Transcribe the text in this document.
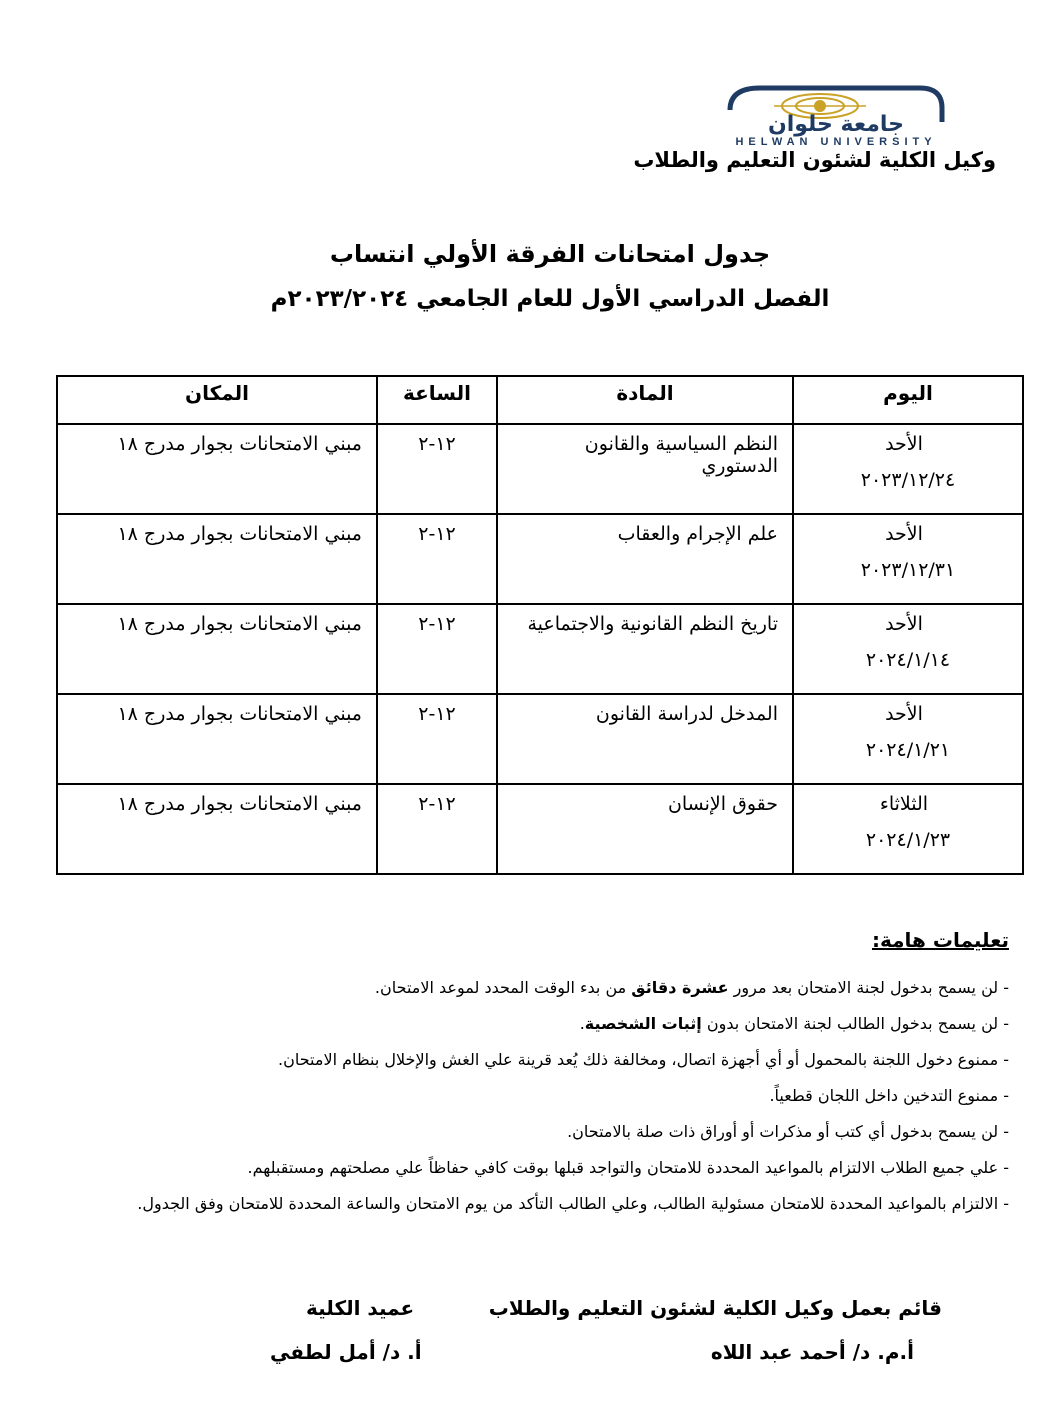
جامعة حلوان
HELWAN UNIVERSITY
وكيل الكلية لشئون التعليم والطلاب
جدول امتحانات الفرقة الأولي انتساب
الفصل الدراسي الأول للعام الجامعي ٢٠٢٣/٢٠٢٤م
اليوم	المادة	الساعة	المكان

الأحد
٢٠٢٣/١٢/٢٤	النظم السياسية والقانون الدستوري	١٢-٢	مبني الامتحانات بجوار مدرج ١٨

الأحد
٢٠٢٣/١٢/٣١	علم الإجرام والعقاب	١٢-٢	مبني الامتحانات بجوار مدرج ١٨

الأحد
٢٠٢٤/١/١٤	تاريخ النظم القانونية والاجتماعية	١٢-٢	مبني الامتحانات بجوار مدرج ١٨

الأحد
٢٠٢٤/١/٢١	المدخل لدراسة القانون	١٢-٢	مبني الامتحانات بجوار مدرج ١٨

الثلاثاء
٢٠٢٤/١/٢٣	حقوق الإنسان	١٢-٢	مبني الامتحانات بجوار مدرج ١٨
تعليمات هامة:
- لن يسمح بدخول لجنة الامتحان بعد مرور عشرة دقائق من بدء الوقت المحدد لموعد الامتحان.
- لن يسمح بدخول الطالب لجنة الامتحان بدون إثبات الشخصية.
- ممنوع دخول اللجنة بالمحمول أو أي أجهزة اتصال، ومخالفة ذلك يُعد قرينة علي الغش والإخلال بنظام الامتحان.
- ممنوع التدخين داخل اللجان قطعياً.
- لن يسمح بدخول أي كتب أو مذكرات أو أوراق ذات صلة بالامتحان.
- علي جميع الطلاب الالتزام بالمواعيد المحددة للامتحان والتواجد قبلها بوقت كافي حفاظاً علي مصلحتهم ومستقبلهم.
- الالتزام بالمواعيد المحددة للامتحان مسئولية الطالب، وعلي الطالب التأكد من يوم الامتحان والساعة المحددة للامتحان وفق الجدول.
قائم بعمل وكيل الكلية لشئون التعليم والطلاب
أ.م. د/ أحمد عبد اللاه
عميد الكلية
أ. د/ أمل لطفي
